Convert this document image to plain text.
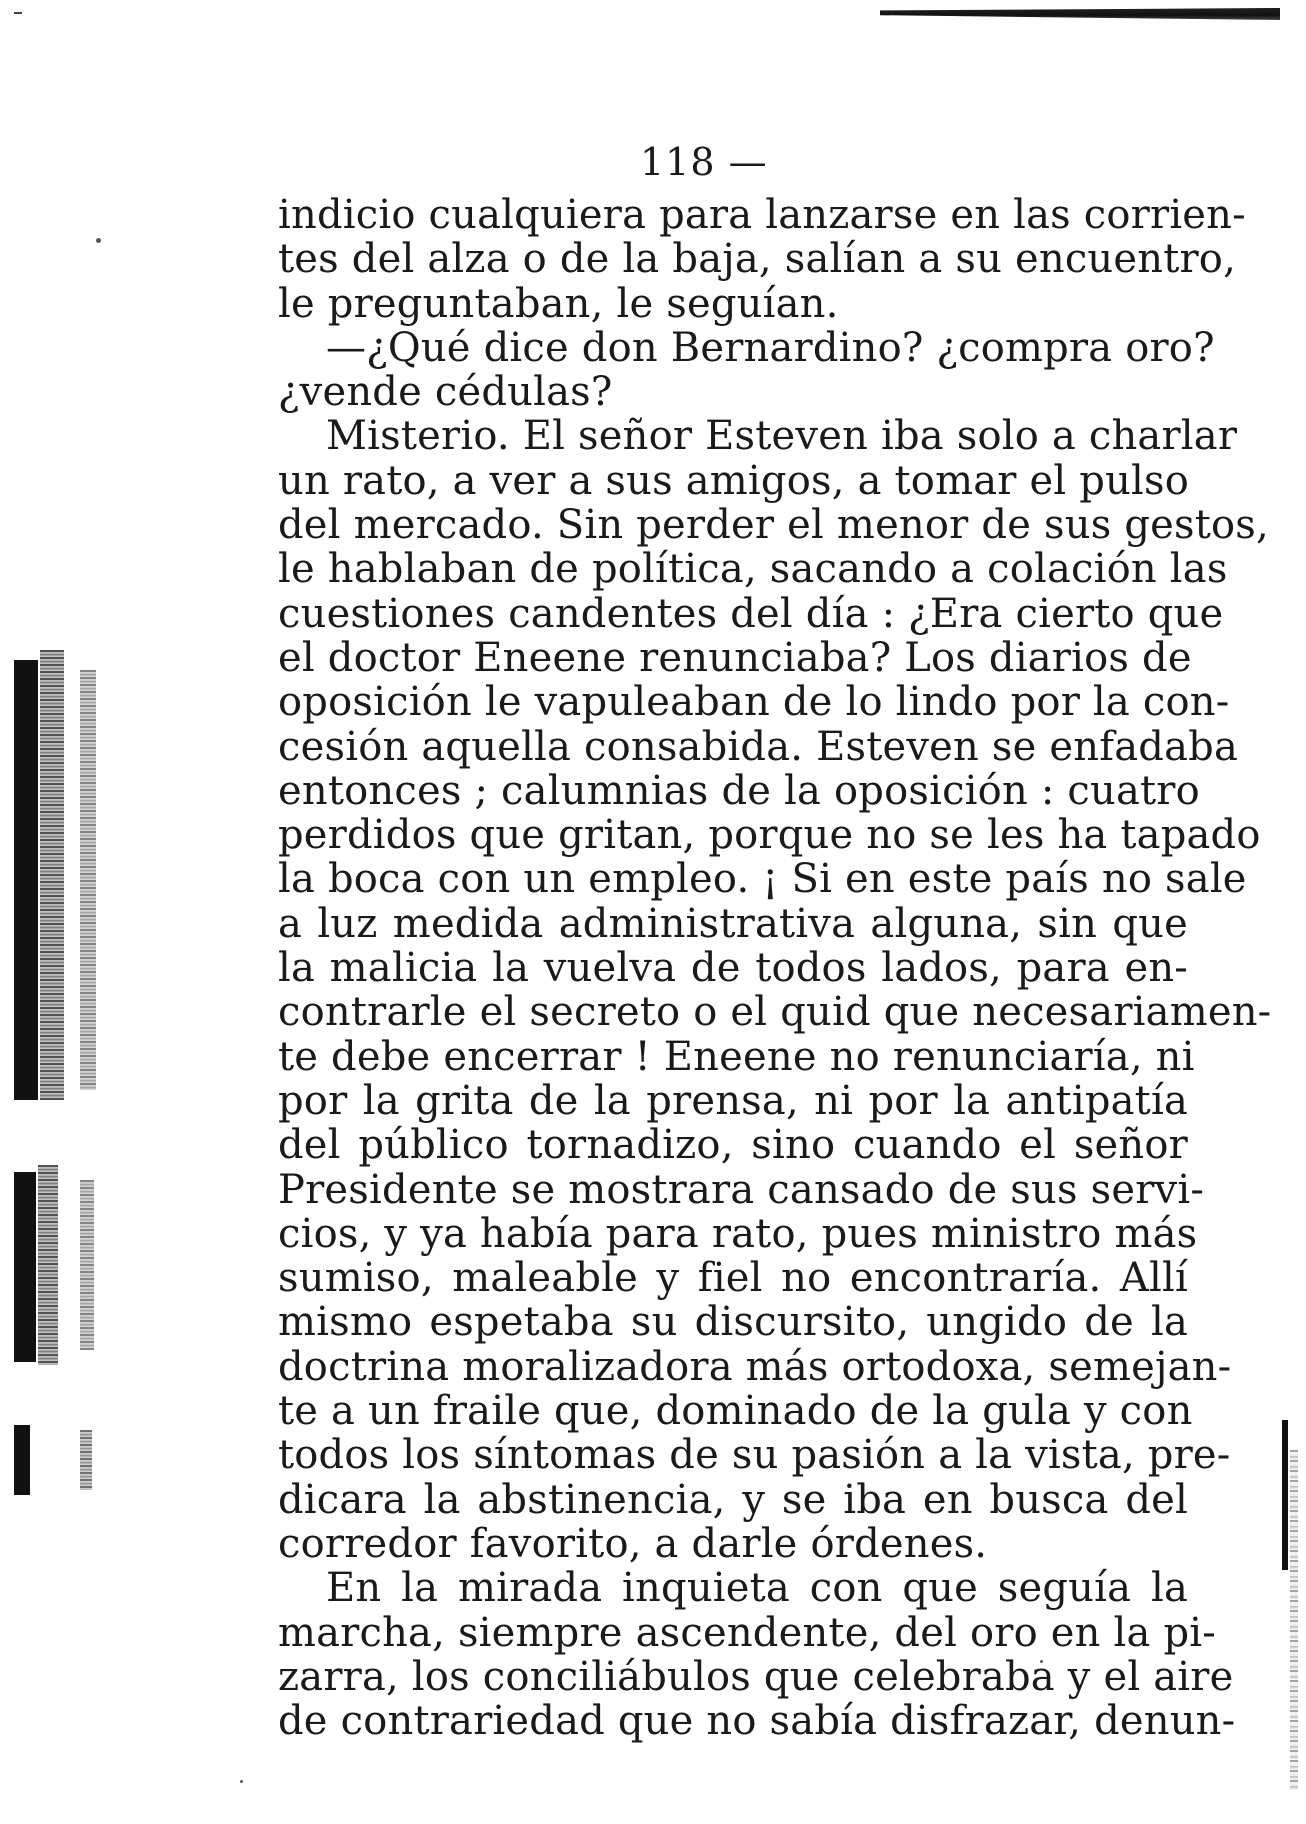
118 —
indicio cualquiera para lanzarse en las corrien-
tes del alza o de la baja, salían a su encuentro,
le preguntaban, le seguían.
—¿Qué dice don Bernardino? ¿compra oro?
¿vende cédulas?
Misterio. El señor Esteven iba solo a charlar
un rato, a ver a sus amigos, a tomar el pulso
del mercado. Sin perder el menor de sus gestos,
le hablaban de política, sacando a colación las
cuestiones candentes del día : ¿Era cierto que
el doctor Eneene renunciaba? Los diarios de
oposición le vapuleaban de lo lindo por la con-
cesión aquella consabida. Esteven se enfadaba
entonces ; calumnias de la oposición : cuatro
perdidos que gritan, porque no se les ha tapado
la boca con un empleo. ¡ Si en este país no sale
a luz medida administrativa alguna, sin que
la malicia la vuelva de todos lados, para en-
contrarle el secreto o el quid que necesariamen-
te debe encerrar ! Eneene no renunciaría, ni
por la grita de la prensa, ni por la antipatía
del público tornadizo, sino cuando el señor
Presidente se mostrara cansado de sus servi-
cios, y ya había para rato, pues ministro más
sumiso, maleable y fiel no encontraría. Allí
mismo espetaba su discursito, ungido de la
doctrina moralizadora más ortodoxa, semejan-
te a un fraile que, dominado de la gula y con
todos los síntomas de su pasión a la vista, pre-
dicara la abstinencia, y se iba en busca del
corredor favorito, a darle órdenes.
En la mirada inquieta con que seguía la
marcha, siempre ascendente, del oro en la pi-
zarra, los conciliábulos que celebraba y el aire
de contrariedad que no sabía disfrazar, denun-
